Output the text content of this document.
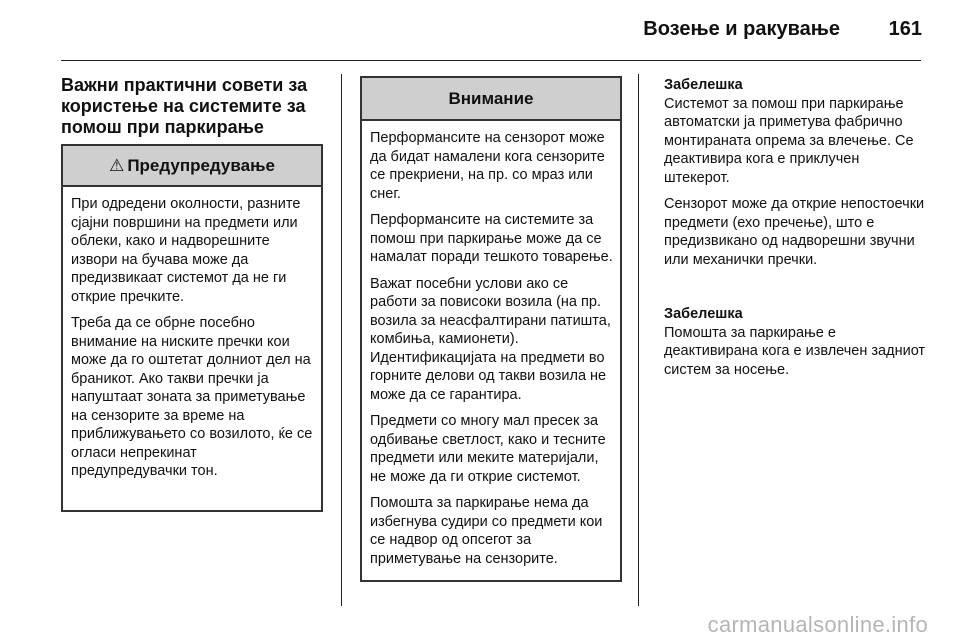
Возење и ракување	161
Важни практични совети за користење на системите за помош при паркирање
⚠ Предупредување

При одредени околности, разните сјајни површини на предмети или облеки, како и надворешните извори на бучава може да предизвикаат системот да не ги открие пречките.

Треба да се обрне посебно внимание на ниските пречки кои може да го оштетат долниот дел на браникот. Ако такви пречки ја напуштаат зоната за приметување на сензорите за време на приближувањето со возилото, ќе се огласи непрекинат предупредувачки тон.

Внимание

Перформансите на сензорот може да бидат намалени кога сензорите се прекриени, на пр. со мраз или снег.

Перформансите на системите за помош при паркирање може да се намалат поради тешкото товарење.

Важат посебни услови ако се работи за повисоки возила (на пр. возила за неасфалтирани патишта, комбиња, камионети). Идентификацијата на предмети во горните делови од такви возила не може да се гарантира.

Предмети со многу мал пресек за одбивање светлост, како и тесните предмети или меките материјали, не може да ги открие системот.

Помошта за паркирање нема да избегнува судири со предмети кои се надвор од опсегот за приметување на сензорите.

Забелешка

Системот за помош при паркирање автоматски ја приметува фабрично монтираната опрема за влечење. Се деактивира кога е приклучен штекерот.

Сензорот може да открие непостоечки предмети (ехо пречење), што е предизвикано од надворешни звучни или механички пречки.

Забелешка

Помошта за паркирање е деактивирана кога е извлечен задниот систем за носење.

carmanualsonline.info
